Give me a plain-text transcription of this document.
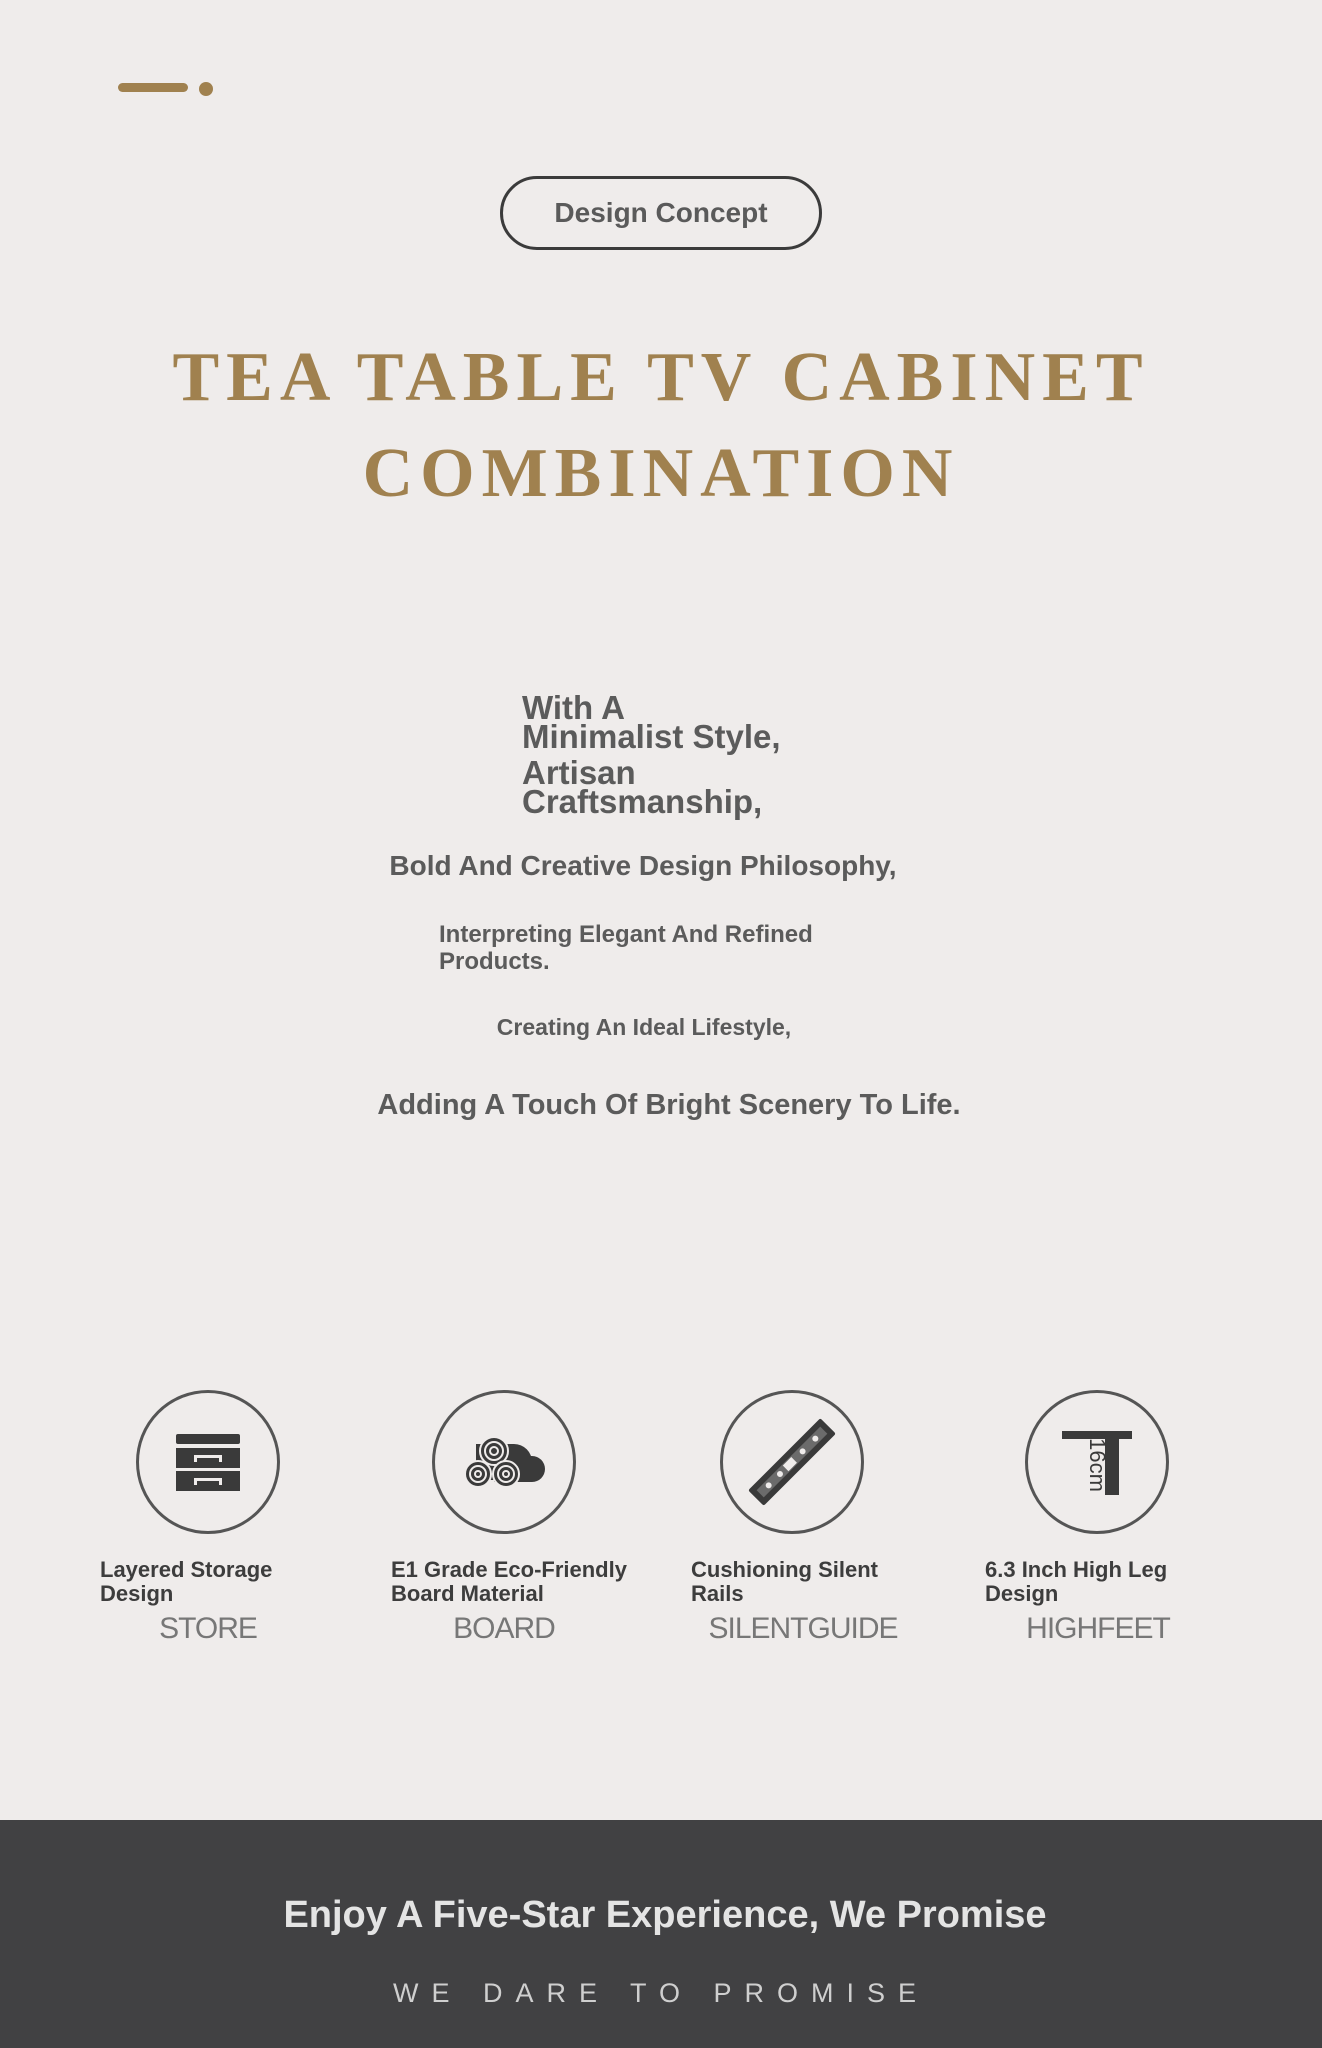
Design Concept
TEA TABLE TV CABINET
COMBINATION
With A
Minimalist Style,
Artisan
Craftsmanship,
Bold And Creative Design Philosophy,
Interpreting Elegant And Refined
Products.
Creating An Ideal Lifestyle,
Adding A Touch Of Bright Scenery To Life.
Layered Storage
Design
STORE
E1 Grade Eco-Friendly
Board Material
BOARD
Cushioning Silent
Rails
SILENTGUIDE
16cm
6.3 Inch High Leg
Design
HIGHFEET
Enjoy A Five-Star Experience, We Promise
WE DARE TO PROMISE
